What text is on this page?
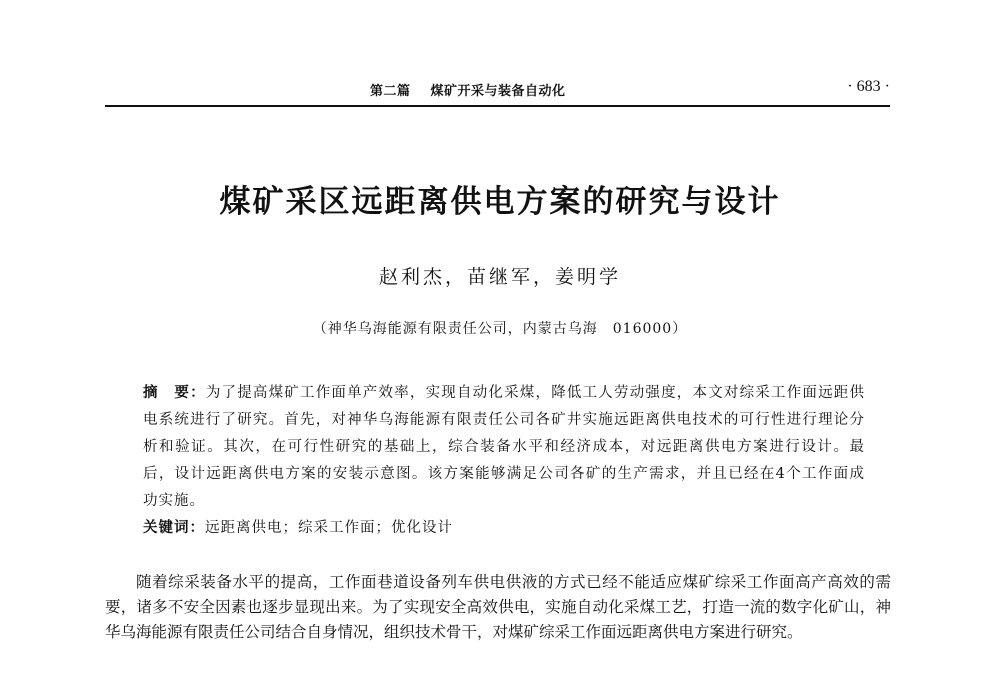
第二篇 煤矿开采与装备自动化	· 683 ·
煤矿采区远距离供电方案的研究与设计
赵利杰，苗继军，姜明学
（神华乌海能源有限责任公司，内蒙古乌海　016000）
摘　要：为了提高煤矿工作面单产效率，实现自动化采煤，降低工人劳动强度，本文对综采工作面远距供电系统进行了研究。首先，对神华乌海能源有限责任公司各矿井实施远距离供电技术的可行性进行理论分析和验证。其次，在可行性研究的基础上，综合装备水平和经济成本，对远距离供电方案进行设计。最后，设计远距离供电方案的安装示意图。该方案能够满足公司各矿的生产需求，并且已经在4个工作面成功实施。
关键词：远距离供电；综采工作面；优化设计
随着综采装备水平的提高，工作面巷道设备列车供电供液的方式已经不能适应煤矿综采工作面高产高效的需要，诸多不安全因素也逐步显现出来。为了实现安全高效供电，实施自动化采煤工艺，打造一流的数字化矿山，神华乌海能源有限责任公司结合自身情况，组织技术骨干，对煤矿综采工作面远距离供电方案进行研究。
